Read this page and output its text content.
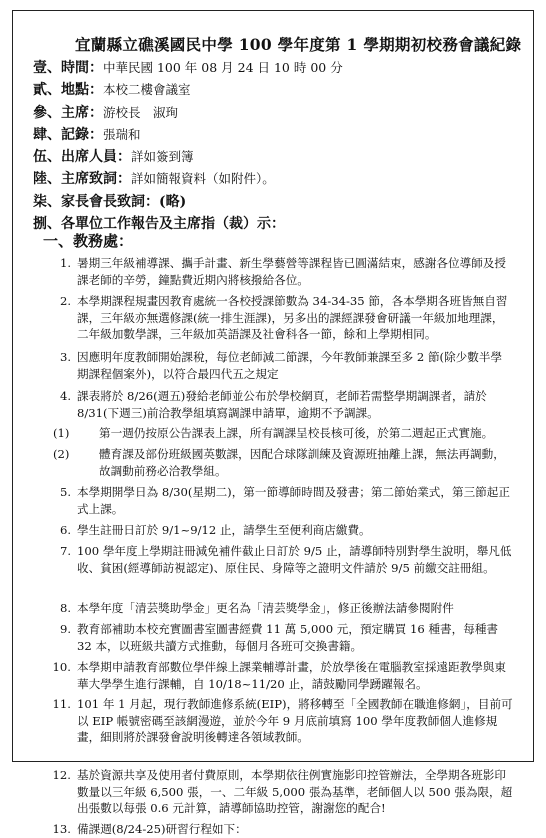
宜蘭縣立礁溪國民中學 100 學年度第 1 學期期初校務會議紀錄
壹、時間：中華民國 100 年 08 月 24 日 10 時 00 分
貳、地點：本校二樓會議室
參、主席：游校長　淑珣
肆、記錄：張瑞和
伍、出席人員：詳如簽到簿
陸、主席致詞：詳如簡報資料（如附件）。
柒、家長會長致詞：(略)
捌、各單位工作報告及主席指（裁）示：
一、教務處：
1. 暑期三年級補導課、攜手計畫、新生學藝營等課程皆已圓滿結束，感謝各位導師及授課老師的辛勞，鐘點費近期內將核撥給各位。
2. 本學期課程規畫因教育處統一各校授課節數為 34-34-35 節，各本學期各班皆無自習課，三年級亦無選修課(統一排生涯課)，另多出的課經課發會研議一年級加地理課，二年級加數學課，三年級加英語課及社會科各一節，餘和上學期相同。
3. 因應明年度教師開始課稅，每位老師減二節課，今年教師兼課至多 2 節(除少數半學期課程個案外)，以符合最四代五之規定
4. 課表將於 8/26(週五)發給老師並公布於學校網頁，老師若需整學期調課者，請於 8/31(下週三)前洽教學組填寫調課申請單，逾期不予調課。
(1)	第一週仍按原公告課表上課，所有調課呈校長核可後，於第二週起正式實施。
(2)	體育課及部份班級國英數課，因配合球隊訓練及資源班抽離上課，無法再調動，故調動前務必洽教學組。
5. 本學期開學日為 8/30(星期二)，第一節導師時間及發書；第二節始業式，第三節起正式上課。
6. 學生註冊日訂於 9/1~9/12 止，請學生至便利商店繳費。
7. 100 學年度上學期註冊減免補件截止日訂於 9/5 止，請導師特別對學生說明，舉凡低收、貧困(經導師訪視認定)、原住民、身障等之證明文件請於 9/5 前繳交註冊組。
8. 本學年度「清芸獎助學金」更名為「清芸獎學金」，修正後辦法請參閱附件
9. 教育部補助本校充實圖書室圖書經費 11 萬 5,000 元，預定購買 16 種書，每種書 32 本，以班級共讀方式推動，每個月各班可交換書籍。
10. 本學期申請教育部數位學伴線上課業輔導計畫，於放學後在電腦教室採遠距教學與東華大學學生進行課輔，自 10/18~11/20 止，請鼓勵同學踴躍報名。
11. 101 年 1 月起，現行教師進修系統(EIP)，將移轉至「全國教師在職進修網」，目前可以 EIP 帳號密碼至該網漫遊，並於今年 9 月底前填寫 100 學年度教師個人進修規畫，細則將於課發會說明後轉達各領域教師。
12. 基於資源共享及使用者付費原則，本學期依往例實施影印控管辦法，全學期各班影印數量以三年級 6,500 張，一、二年級 5,000 張為基準，老師個人以 500 張為限，超出張數以每張 0.6 元計算，請導師協助控管，謝謝您的配合!
13. 備課週(8/24-25)研習行程如下：
